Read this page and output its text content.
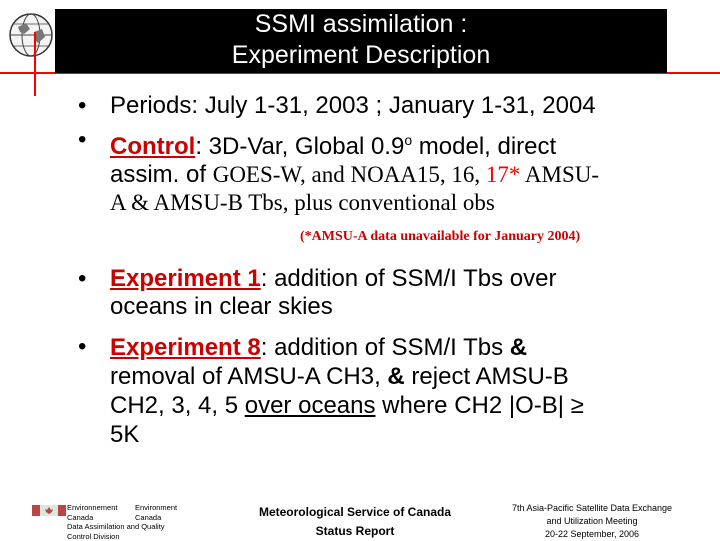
SSMI assimilation :
Experiment Description
• Periods: July 1-31, 2003 ; January 1-31, 2004
• Control: 3D-Var, Global 0.9$^o$ model, direct
assim. of GOES-W, and NOAA15, 16, 17* AMSU-
A & AMSU-B Tbs, plus conventional obs
(*AMSU-A data unavailable for January 2004)
• Experiment 1: addition of SSM/I Tbs over
oceans in clear skies
• Experiment 8: addition of SSM/I Tbs &
removal of AMSU-A CH3, & reject AMSU-B
CH2, 3, 4, 5 over oceans where CH2 |O-B| ≥
5K
Environnement Environment
Canada	Canada
Data Assimilation and Quality
Control Division
Meteorological Service of Canada
Status Report
7th Asia-Pacific Satellite Data Exchange
and Utilization Meeting
20-22 September, 2006
